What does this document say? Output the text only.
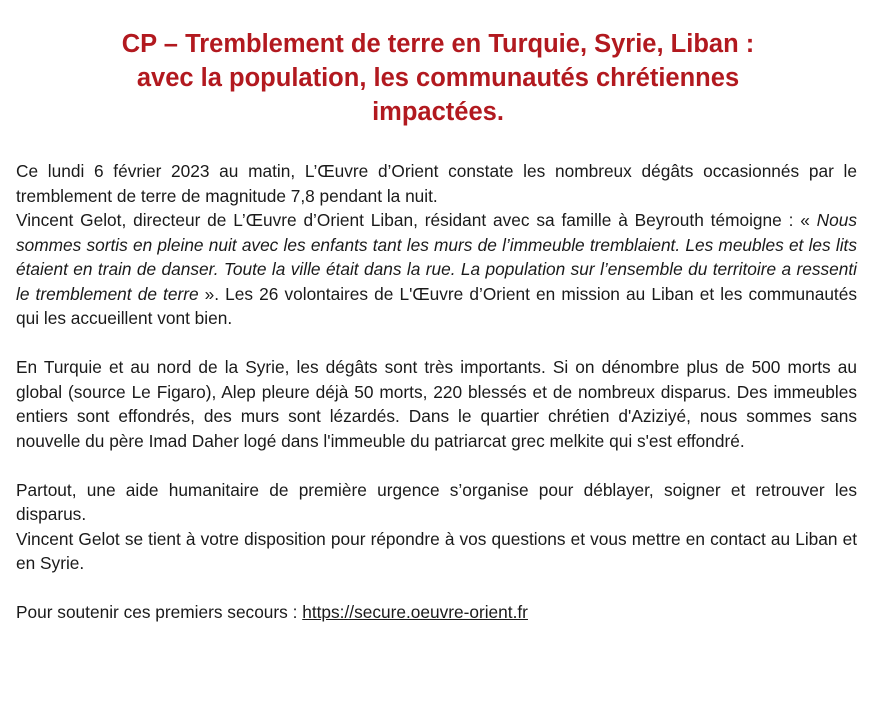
CP – Tremblement de terre en Turquie, Syrie, Liban :
avec la population, les communautés chrétiennes
impactées.

Ce lundi 6 février 2023 au matin, L’Œuvre d’Orient constate les nombreux dégâts occasionnés par le tremblement de terre de magnitude 7,8 pendant la nuit.
Vincent Gelot, directeur de L’Œuvre d’Orient Liban, résidant avec sa famille à Beyrouth témoigne : « Nous sommes sortis en pleine nuit avec les enfants tant les murs de l’immeuble tremblaient. Les meubles et les lits étaient en train de danser. Toute la ville était dans la rue. La population sur l’ensemble du territoire a ressenti le tremblement de terre ». Les 26 volontaires de L'Œuvre d’Orient en mission au Liban et les communautés qui les accueillent vont bien.

En Turquie et au nord de la Syrie, les dégâts sont très importants. Si on dénombre plus de 500 morts au global (source Le Figaro), Alep pleure déjà 50 morts, 220 blessés et de nombreux disparus. Des immeubles entiers sont effondrés, des murs sont lézardés. Dans le quartier chrétien d'Aziziyé, nous sommes sans nouvelle du père Imad Daher logé dans l'immeuble du patriarcat grec melkite qui s'est effondré.

Partout, une aide humanitaire de première urgence s’organise pour déblayer, soigner et retrouver les disparus.
Vincent Gelot se tient à votre disposition pour répondre à vos questions et vous mettre en contact au Liban et en Syrie.

Pour soutenir ces premiers secours : https://secure.oeuvre-orient.fr
